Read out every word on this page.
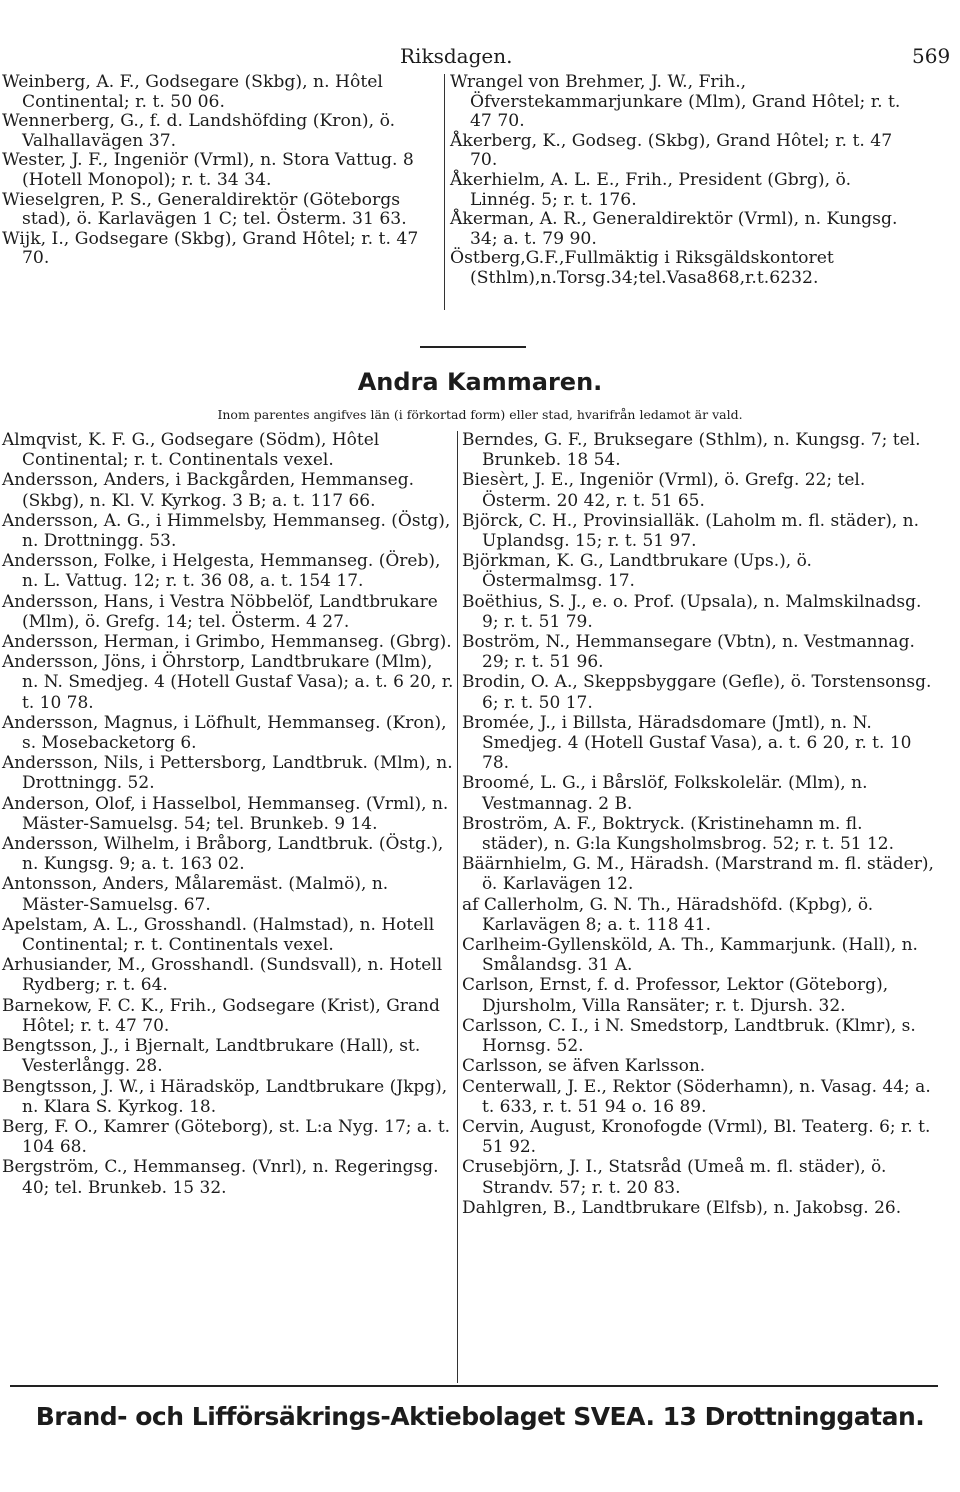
Riksdagen.	569
Weinberg, A. F., Godsegare (Skbg), n. Hôtel Continental; r. t. 50 06.
Wennerberg, G., f. d. Landshöfding (Kron), ö. Valhallavägen 37.
Wester, J. F., Ingeniör (Vrml), n. Stora Vattug. 8 (Hotell Monopol); r. t. 34 34.
Wieselgren, P. S., Generaldirektör (Göteborgs stad), ö. Karlavägen 1 C; tel. Österm. 31 63.
Wijk, I., Godsegare (Skbg), Grand Hôtel; r. t. 47 70.
Wrangel von Brehmer, J. W., Frih., Öfverstekammarjunkare (Mlm), Grand Hôtel; r. t. 47 70.
Åkerberg, K., Godseg. (Skbg), Grand Hôtel; r. t. 47 70.
Åkerhielm, A. L. E., Frih., President (Gbrg), ö. Linnég. 5; r. t. 176.
Åkerman, A. R., Generaldirektör (Vrml), n. Kungsg. 34; a. t. 79 90.
Östberg,G.F.,Fullmäktig i Riksgäldskontoret (Sthlm),n.Torsg.34;tel.Vasa868,r.t.6232.
Andra Kammaren.
Inom parentes angifves län (i förkortad form) eller stad, hvarifrån ledamot är vald.
Almqvist, K. F. G., Godsegare (Södm), Hôtel Continental; r. t. Continentals vexel.
Andersson, Anders, i Backgården, Hemmanseg. (Skbg), n. Kl. V. Kyrkog. 3 B; a. t. 117 66.
Andersson, A. G., i Himmelsby, Hemmanseg. (Östg), n. Drottningg. 53.
Andersson, Folke, i Helgesta, Hemmanseg. (Öreb), n. L. Vattug. 12; r. t. 36 08, a. t. 154 17.
Andersson, Hans, i Vestra Nöbbelöf, Landtbrukare (Mlm), ö. Grefg. 14; tel. Österm. 4 27.
Andersson, Herman, i Grimbo, Hemmanseg. (Gbrg).
Andersson, Jöns, i Öhrstorp, Landtbrukare (Mlm), n. N. Smedjeg. 4 (Hotell Gustaf Vasa); a. t. 6 20, r. t. 10 78.
Andersson, Magnus, i Löfhult, Hemmanseg. (Kron), s. Mosebacketorg 6.
Andersson, Nils, i Pettersborg, Landtbruk. (Mlm), n. Drottningg. 52.
Anderson, Olof, i Hasselbol, Hemmanseg. (Vrml), n. Mäster-Samuelsg. 54; tel. Brunkeb. 9 14.
Andersson, Wilhelm, i Bråborg, Landtbruk. (Östg.), n. Kungsg. 9; a. t. 163 02.
Antonsson, Anders, Målaremäst. (Malmö), n. Mäster-Samuelsg. 67.
Apelstam, A. L., Grosshandl. (Halmstad), n. Hotell Continental; r. t. Continentals vexel.
Arhusiander, M., Grosshandl. (Sundsvall), n. Hotell Rydberg; r. t. 64.
Barnekow, F. C. K., Frih., Godsegare (Krist), Grand Hôtel; r. t. 47 70.
Bengtsson, J., i Bjernalt, Landtbrukare (Hall), st. Vesterlångg. 28.
Bengtsson, J. W., i Häradsköp, Landtbrukare (Jkpg), n. Klara S. Kyrkog. 18.
Berg, F. O., Kamrer (Göteborg), st. L:a Nyg. 17; a. t. 104 68.
Bergström, C., Hemmanseg. (Vnrl), n. Regeringsg. 40; tel. Brunkeb. 15 32.
Berndes, G. F., Bruksegare (Sthlm), n. Kungsg. 7; tel. Brunkeb. 18 54.
Biesèrt, J. E., Ingeniör (Vrml), ö. Grefg. 22; tel. Österm. 20 42, r. t. 51 65.
Björck, C. H., Provinsialläk. (Laholm m. fl. städer), n. Uplandsg. 15; r. t. 51 97.
Björkman, K. G., Landtbrukare (Ups.), ö. Östermalmsg. 17.
Boëthius, S. J., e. o. Prof. (Upsala), n. Malmskilnadsg. 9; r. t. 51 79.
Boström, N., Hemmansegare (Vbtn), n. Vestmannag. 29; r. t. 51 96.
Brodin, O. A., Skeppsbyggare (Gefle), ö. Torstensonsg. 6; r. t. 50 17.
Bromée, J., i Billsta, Häradsdomare (Jmtl), n. N. Smedjeg. 4 (Hotell Gustaf Vasa), a. t. 6 20, r. t. 10 78.
Broomé, L. G., i Bårslöf, Folkskolelär. (Mlm), n. Vestmannag. 2 B.
Broström, A. F., Boktryck. (Kristinehamn m. fl. städer), n. G:la Kungsholmsbrog. 52; r. t. 51 12.
Bäärnhielm, G. M., Häradsh. (Marstrand m. fl. städer), ö. Karlavägen 12.
af Callerholm, G. N. Th., Häradshöfd. (Kpbg), ö. Karlavägen 8; a. t. 118 41.
Carlheim-Gyllensköld, A. Th., Kammarjunk. (Hall), n. Smålandsg. 31 A.
Carlson, Ernst, f. d. Professor, Lektor (Göteborg), Djursholm, Villa Ransäter; r. t. Djursh. 32.
Carlsson, C. I., i N. Smedstorp, Landtbruk. (Klmr), s. Hornsg. 52.
Carlsson, se äfven Karlsson.
Centerwall, J. E., Rektor (Söderhamn), n. Vasag. 44; a. t. 633, r. t. 51 94 o. 16 89.
Cervin, August, Kronofogde (Vrml), Bl. Teaterg. 6; r. t. 51 92.
Crusebjörn, J. I., Statsråd (Umeå m. fl. städer), ö. Strandv. 57; r. t. 20 83.
Dahlgren, B., Landtbrukare (Elfsb), n. Jakobsg. 26.
Brand- och Lifförsäkrings-Aktiebolaget SVEA. 13 Drottninggatan.
